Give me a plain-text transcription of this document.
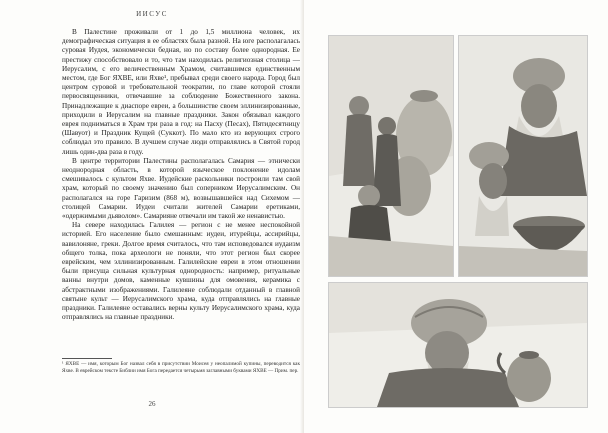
ИИСУС

В Палестине проживали от 1 до 1,5 миллиона человек, их демографическая ситуация в ее областях была разной. На юге располагалась суровая Иудея, экономически бедная, но по составу более однородная. Ее престижу способствовало и то, что там находилась религиозная столица — Иерусалим, с его величественным Храмом, считавшимся единственным местом, где Бог ЯХВЕ, или Яхве¹, пребывал среди своего народа. Город был центром суровой и требовательной теократии, по главе которой стояли первосвященники, отвечавшие за соблюдение Божественного закона. Принадлежащие к диаспоре евреи, а большинстве своем эллинизированные, приходили в Иерусалим на главные праздники. Закон обязывал каждого еврея подниматься в Храм три раза в год: на Пасху (Песах), Пятидесятницу (Шавуот) и Праздник Кущей (Суккот). По мало кто из верующих строго соблюдал это правило. В лучшем случае люди отправлялись в Святой город лишь один-два раза в году.

В центре территории Палестины располагалась Самария — этнически неоднородная область, в которой языческое поклонение идолам смешивалось с культом Яхве. Иудейские раскольники построили там свой храм, который по своему значению был соперником Иерусалимским. Он располагался на горе Гаризим (868 м), возвышавшейся над Сихемом — столицей Самарии. Иудеи считали жителей Самарии еретиками, «одержимыми дьяволом». Самарияне отвечали им такой же ненавистью.

На севере находилась Галилея — регион с не менее неспокойной историей. Его население было смешанным: иудеи, итурейцы, ассирийцы, вавилоняне, греки. Долгое время считалось, что там исповедовался иудаизм общего толка, пока археологи не поняли, что этот регион был скорее еврейским, чем эллинизированным. Галилейские евреи в этом отношении были присуща сильная культурная однородность: например, ритуальные ванны внутри домов, каменные кувшины для омовения, керамика с абстрактными изображениями. Галилеяне соблюдали отданный в главной святыне культ — Иерусалимского храма, куда отправлялись на главные праздники. Галилеяне оставались верны культу Иерусалимского храма, куда отправлялись на главные праздники.

¹ ЯХВЕ — имя, которым Бог назвал себя в присутствии Моисея у неопалимой купины, переводится как Яхве. В еврейском тексте Библии имя Бога передается четырьмя заглавными буквами ЯХВЕ — Прим. пер.
26
